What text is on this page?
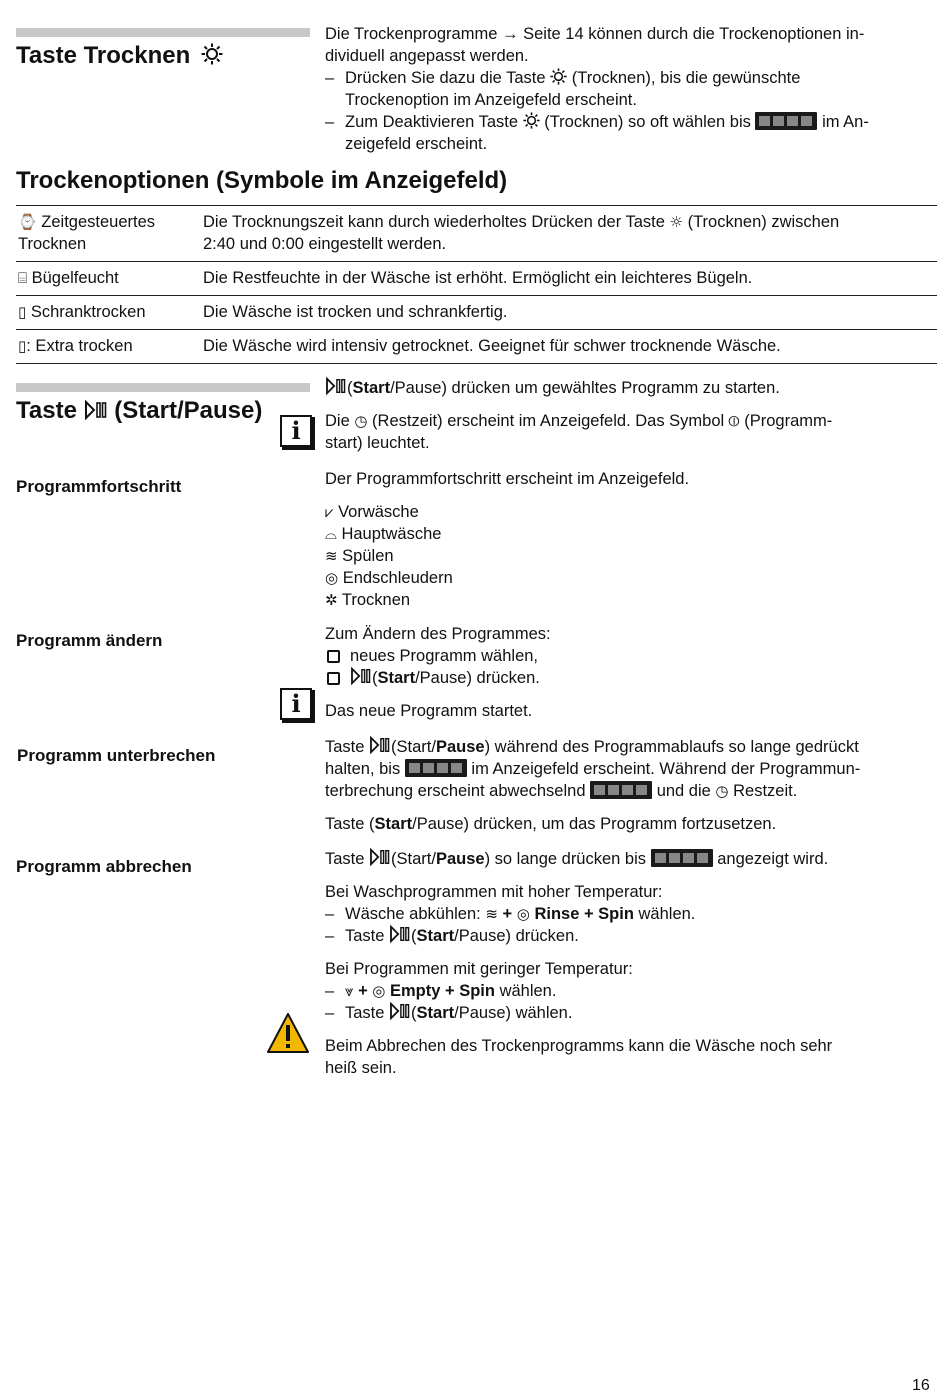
Taste Trocknen
Die Trockenprogramme → Seite 14 können durch die Trockenoptionen in-
dividuell angepasst werden.
– Drücken Sie dazu die Taste (Trocknen), bis die gewünschte
Trockenoption im Anzeigefeld erscheint.
– Zum Deaktivieren Taste (Trocknen) so oft wählen bis	im An-
zeigefeld erscheint.
Trockenoptionen (Symbole im Anzeigefeld)
⌚ Zeitgesteuertes
Trocknen	Die Trocknungszeit kann durch wiederholtes Drücken der Taste ☼ (Trocknen) zwischen
2:40 und 0:00 eingestellt werden.
⌸ Bügelfeucht	Die Restfeuchte in der Wäsche ist erhöht. Ermöglicht ein leichteres Bügeln.
▯ Schranktrocken	Die Wäsche ist trocken und schrankfertig.
▯: Extra trocken	Die Wäsche wird intensiv getrocknet. Geeignet für schwer trocknende Wäsche.
Taste (Start/Pause)
i
(Start/Pause) drücken um gewähltes Programm zu starten.
Die ◷ (Restzeit) erscheint im Anzeigefeld. Das Symbol ⦶ (Programm-
start) leuchtet.
Programmfortschritt	Der Programmfortschritt erscheint im Anzeigefeld.
⩗ Vorwäsche
⌓ Hauptwäsche
≋ Spülen
◎ Endschleudern
✲ Trocknen
Programm ändern
i
Zum Ändern des Programmes:
neues Programm wählen,
(Start/Pause) drücken.
Das neue Programm startet.
Programm unterbrechen	Taste (Start/Pause) während des Programmablaufs so lange gedrückt
halten, bis	im Anzeigefeld erscheint. Während der Programmun-
terbrechung erscheint abwechselnd	und die ◷ Restzeit.
Taste (Start/Pause) drücken, um das Programm fortzusetzen.
Programm abbrechen	Taste (Start/Pause) so lange drücken bis	angezeigt wird.
Bei Waschprogrammen mit hoher Temperatur:
– Wäsche abkühlen: ≋ + ◎ Rinse + Spin wählen.
– Taste (Start/Pause) drücken.
Bei Programmen mit geringer Temperatur:
– ⩔ + ◎ Empty + Spin wählen.
– Taste (Start/Pause) wählen.
Beim Abbrechen des Trockenprogramms kann die Wäsche noch sehr
heiß sein.
16
